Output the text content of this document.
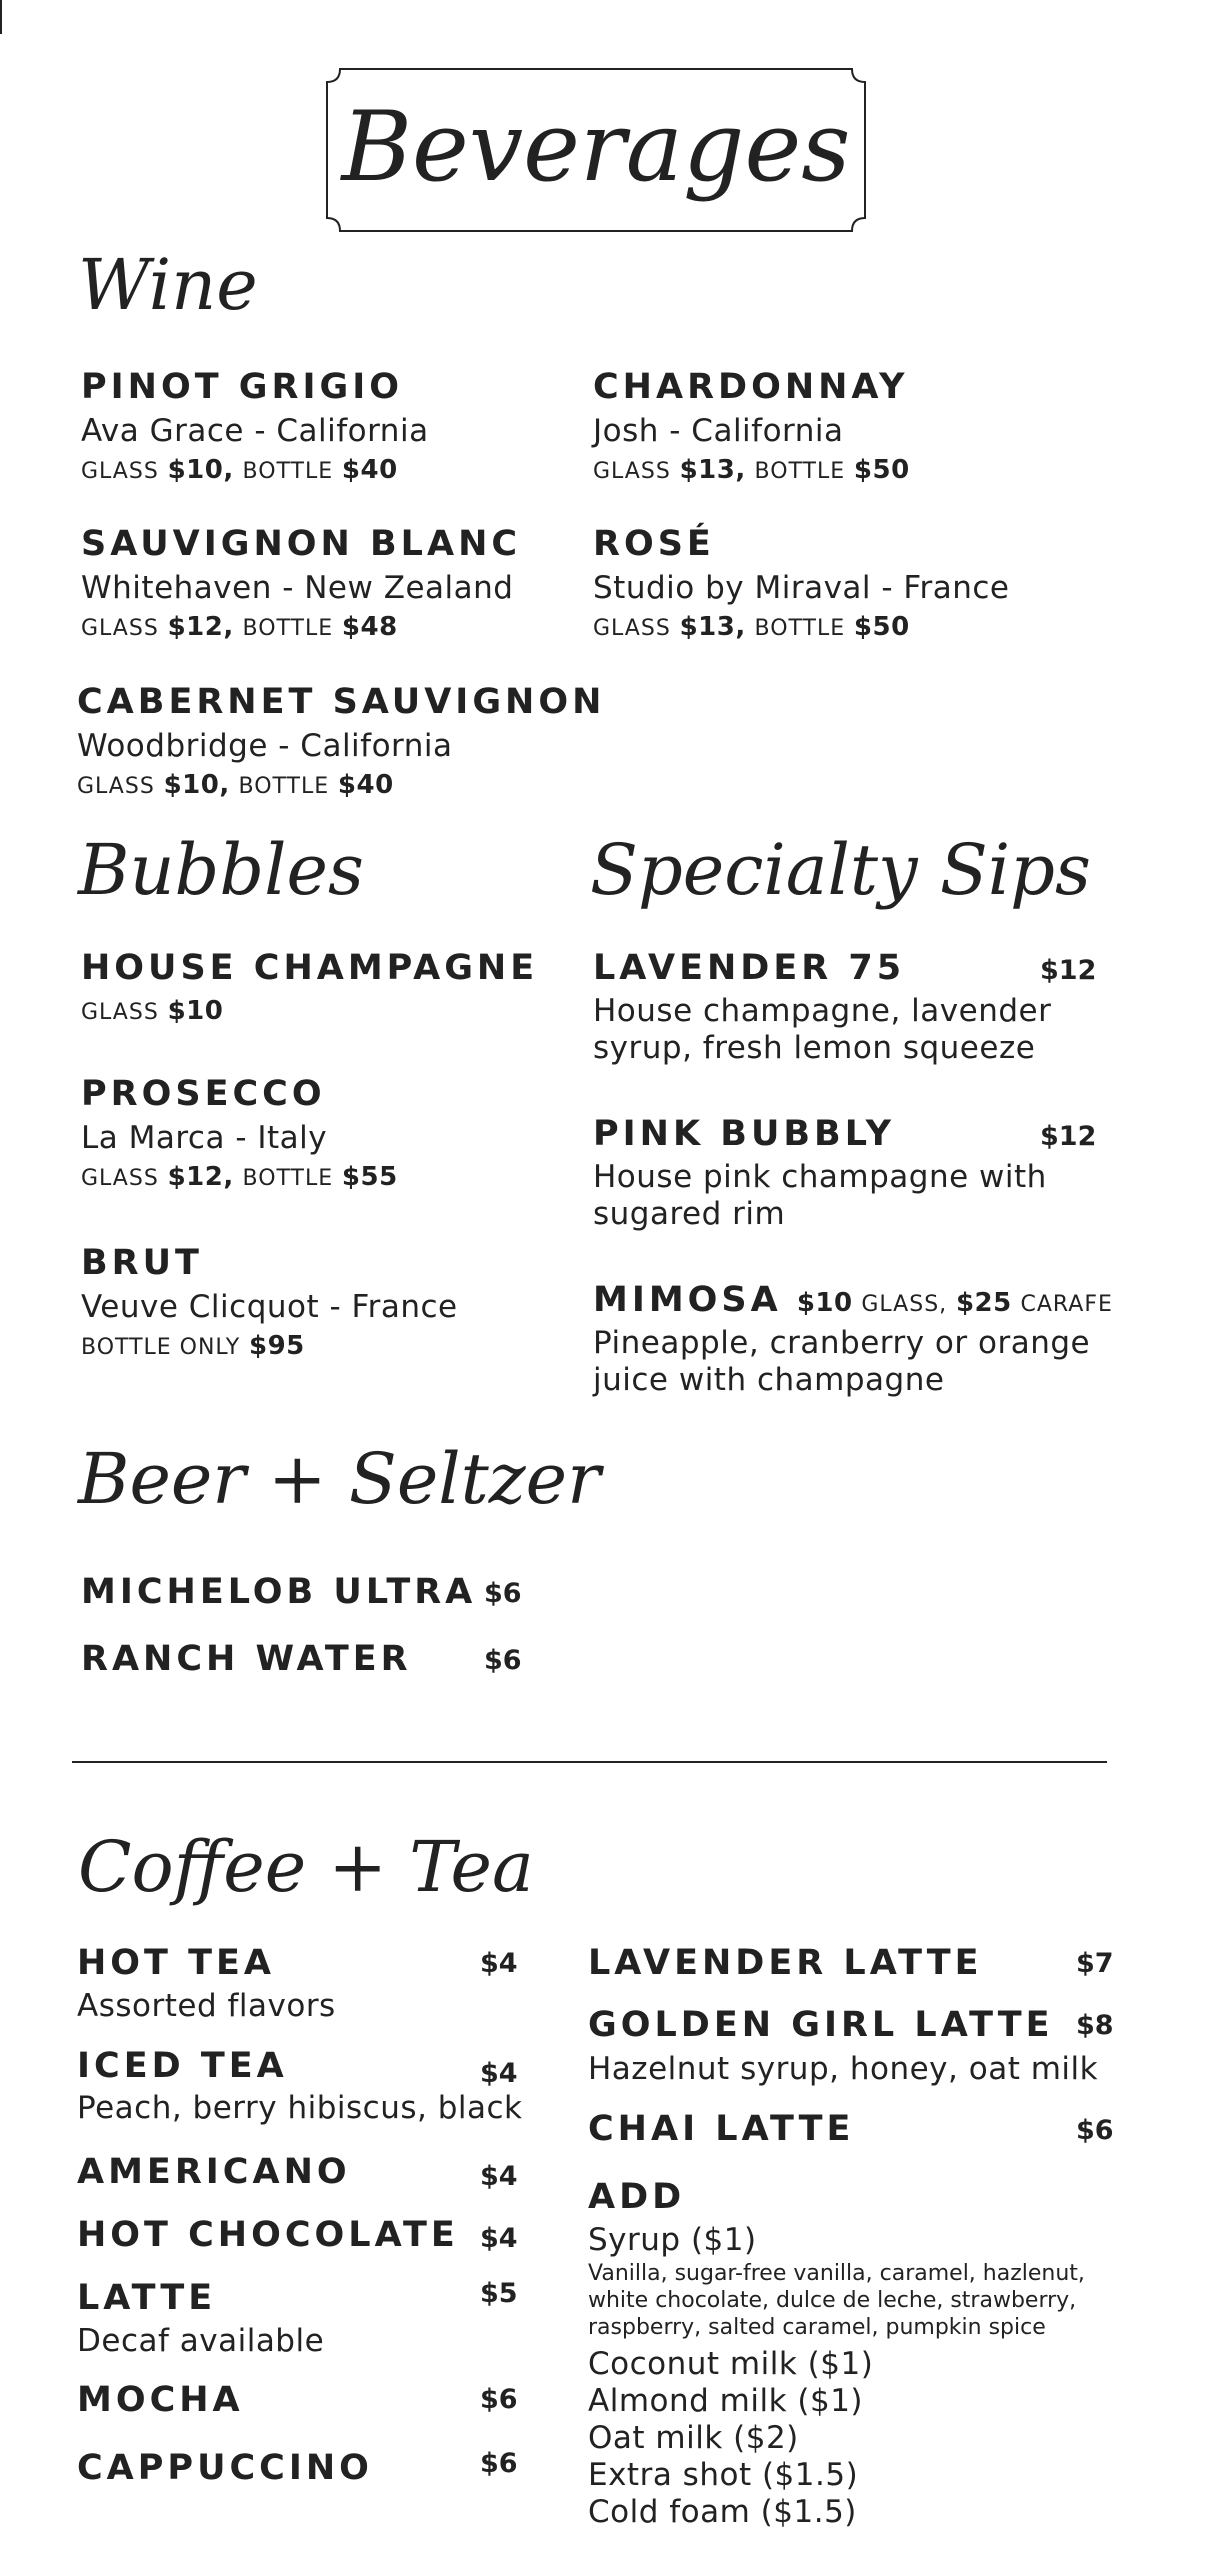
Beverages
Wine
PINOT GRIGIO
Ava Grace - California
GLASS $10, BOTTLE $40
CHARDONNAY
Josh - California
GLASS $13, BOTTLE $50
SAUVIGNON BLANC
Whitehaven - New Zealand
GLASS $12, BOTTLE $48
ROSÉ
Studio by Miraval - France
GLASS $13, BOTTLE $50
CABERNET SAUVIGNON
Woodbridge - California
GLASS $10, BOTTLE $40
Bubbles
HOUSE CHAMPAGNE
GLASS $10
PROSECCO
La Marca - Italy
GLASS $12, BOTTLE $55
BRUT
Veuve Clicquot - France
BOTTLE ONLY $95
Specialty Sips
LAVENDER 75	$12
House champagne, lavender
syrup, fresh lemon squeeze
PINK BUBBLY	$12
House pink champagne with
sugared rim
MIMOSA $10 GLASS, $25 CARAFE
Pineapple, cranberry or orange
juice with champagne
Beer + Seltzer
MICHELOB ULTRA $6
RANCH WATER	$6
Coffee + Tea
HOT TEA	$4
Assorted flavors
ICED TEA	$4
Peach, berry hibiscus, black
AMERICANO	$4
HOT CHOCOLATE $4
LATTE	$5
Decaf available
MOCHA	$6
CAPPUCCINO	$6
LAVENDER LATTE	$7
GOLDEN GIRL LATTE $8
Hazelnut syrup, honey, oat milk
CHAI LATTE	$6
ADD
Syrup ($1)
Vanilla, sugar-free vanilla, caramel, hazlenut,
white chocolate, dulce de leche, strawberry,
raspberry, salted caramel, pumpkin spice
Coconut milk ($1)
Almond milk ($1)
Oat milk ($2)
Extra shot ($1.5)
Cold foam ($1.5)
